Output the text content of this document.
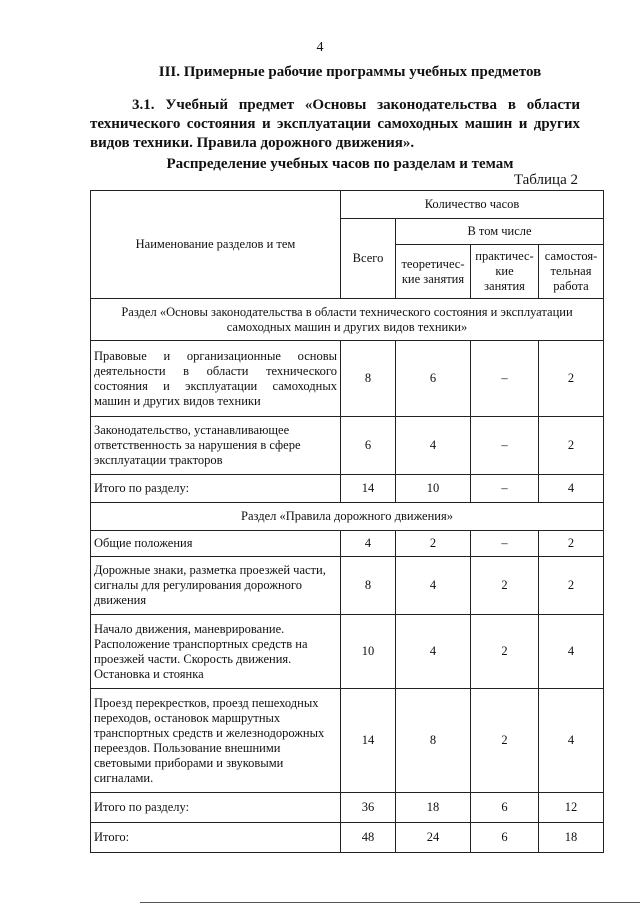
4
III. Примерные рабочие программы учебных предметов
3.1. Учебный предмет «Основы законодательства в области технического состояния и эксплуатации самоходных машин и других видов техники. Правила дорожного движения».
Распределение учебных часов по разделам и темам
Таблица 2
Наименование разделов и тем	Количество часов			
	Всего	В том числе		
		теоретичес-кие занятия	практичес-кие занятия	самостоя-тельная работа
Раздел «Основы законодательства в области технического состояния и эксплуатации самоходных машин и других видов техники»				
Правовые и организационные основы деятельности в области технического состояния и эксплуатации самоходных машин и других видов техники	8	6	–	2
Законодательство, устанавливающее ответственность за нарушения в сфере эксплуатации тракторов	6	4	–	2
Итого по разделу:	14	10	–	4
Раздел «Правила дорожного движения»				
Общие положения	4	2	–	2
Дорожные знаки, разметка проезжей части, сигналы для регулирования дорожного движения	8	4	2	2
Начало движения, маневрирование. Расположение транспортных средств на проезжей части. Скорость движения. Остановка и стоянка	10	4	2	4
Проезд перекрестков, проезд пешеходных переходов, остановок маршрутных транспортных средств и железнодорожных переездов. Пользование внешними световыми приборами и звуковыми сигналами.	14	8	2	4
Итого по разделу:	36	18	6	12
Итого:	48	24	6	18
